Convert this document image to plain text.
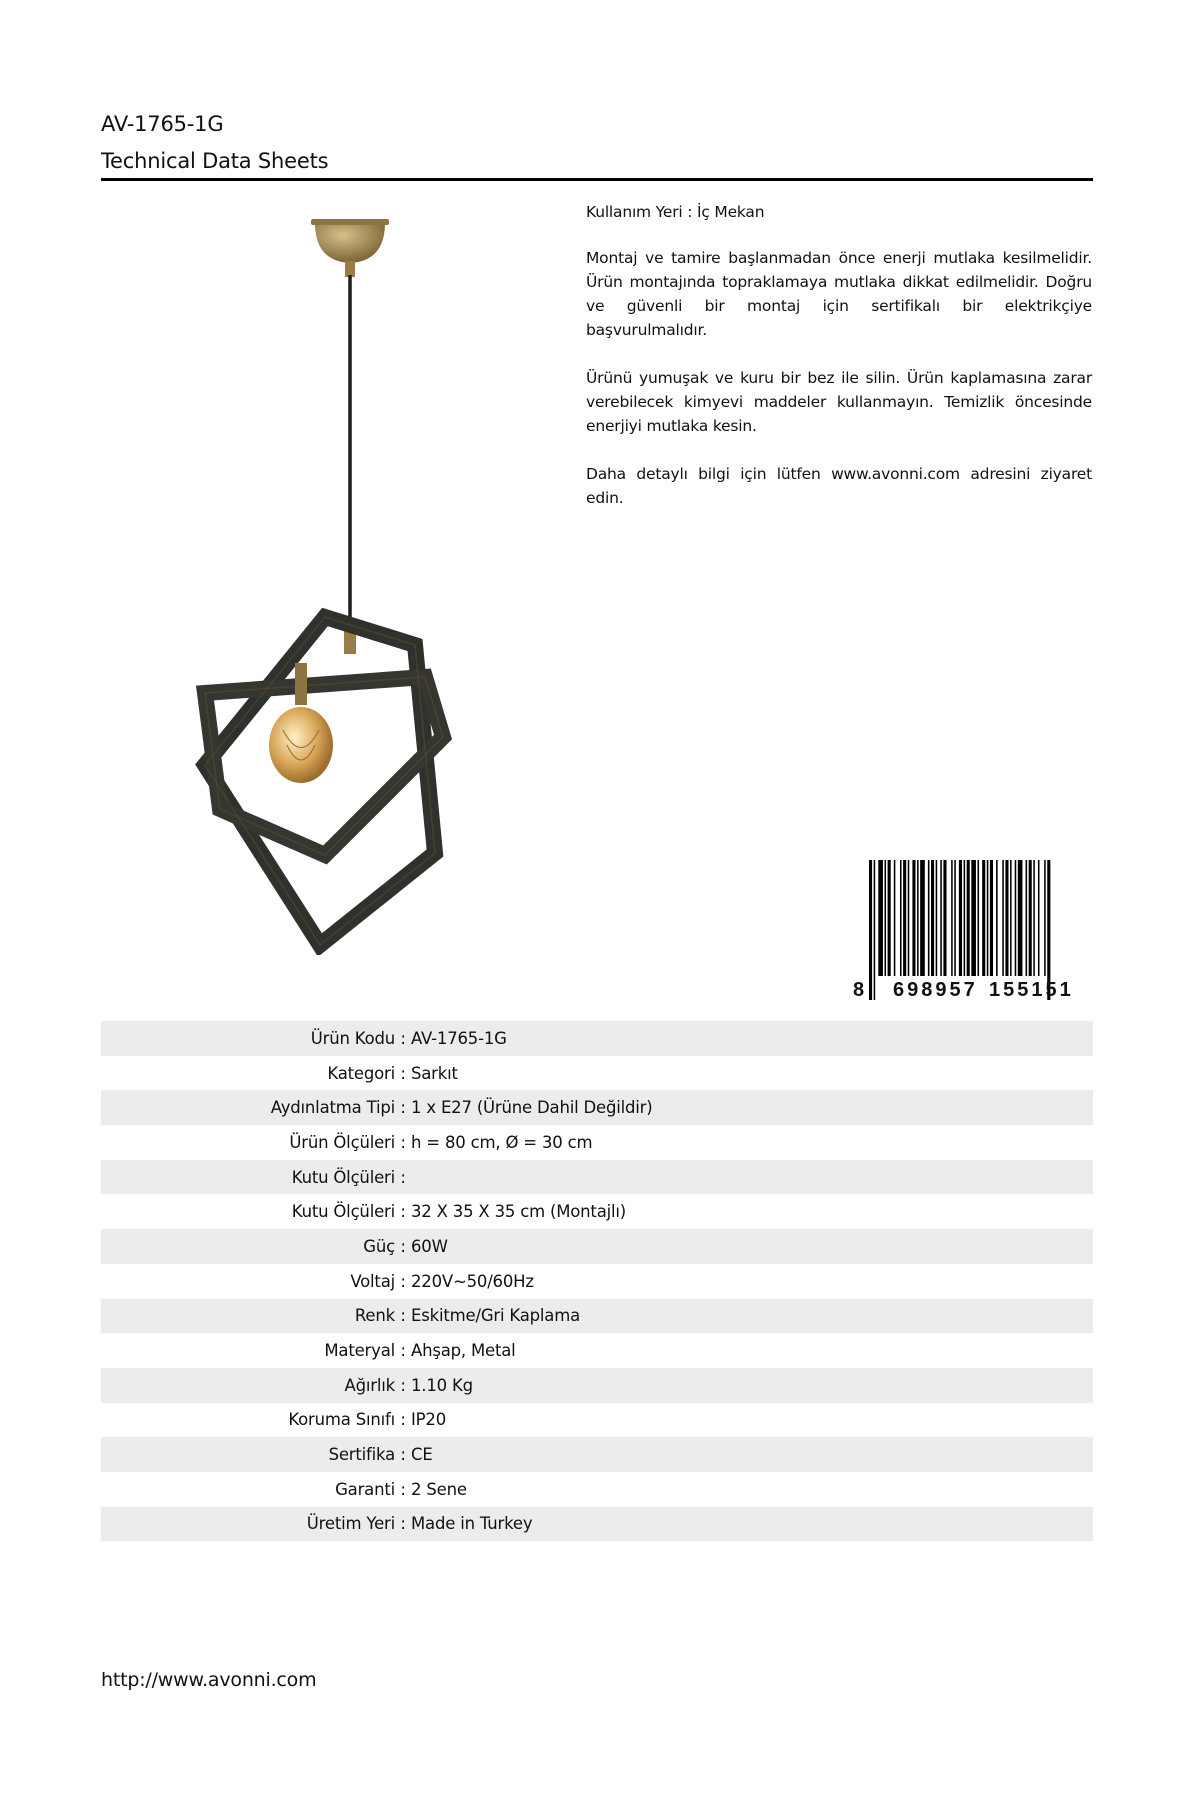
AV-1765-1G
Technical Data Sheets

Kullanım Yeri : İç Mekan

Montaj ve tamire başlanmadan önce enerji mutlaka kesilmelidir. Ürün montajında topraklamaya mutlaka dikkat edilmelidir. Doğru ve güvenli bir montaj için sertifikalı bir elektrikçiye başvurulmalıdır.

Ürünü yumuşak ve kuru bir bez ile silin. Ürün kaplamasına zarar verebilecek kimyevi maddeler kullanmayın. Temizlik öncesinde enerjiyi mutlaka kesin.

Daha detaylı bilgi için lütfen www.avonni.com adresini ziyaret edin.

8 698957 155151
Ürün Kodu : AV-1765-1G
Kategori : Sarkıt
Aydınlatma Tipi : 1 x E27 (Ürüne Dahil Değildir)
Ürün Ölçüleri : h = 80 cm, Ø = 30 cm
Kutu Ölçüleri :
Kutu Ölçüleri : 32 X 35 X 35 cm (Montajlı)
Güç : 60W
Voltaj : 220V~50/60Hz
Renk : Eskitme/Gri Kaplama
Materyal : Ahşap, Metal
Ağırlık : 1.10 Kg
Koruma Sınıfı : IP20
Sertifika : CE
Garanti : 2 Sene
Üretim Yeri : Made in Turkey
http://www.avonni.com
